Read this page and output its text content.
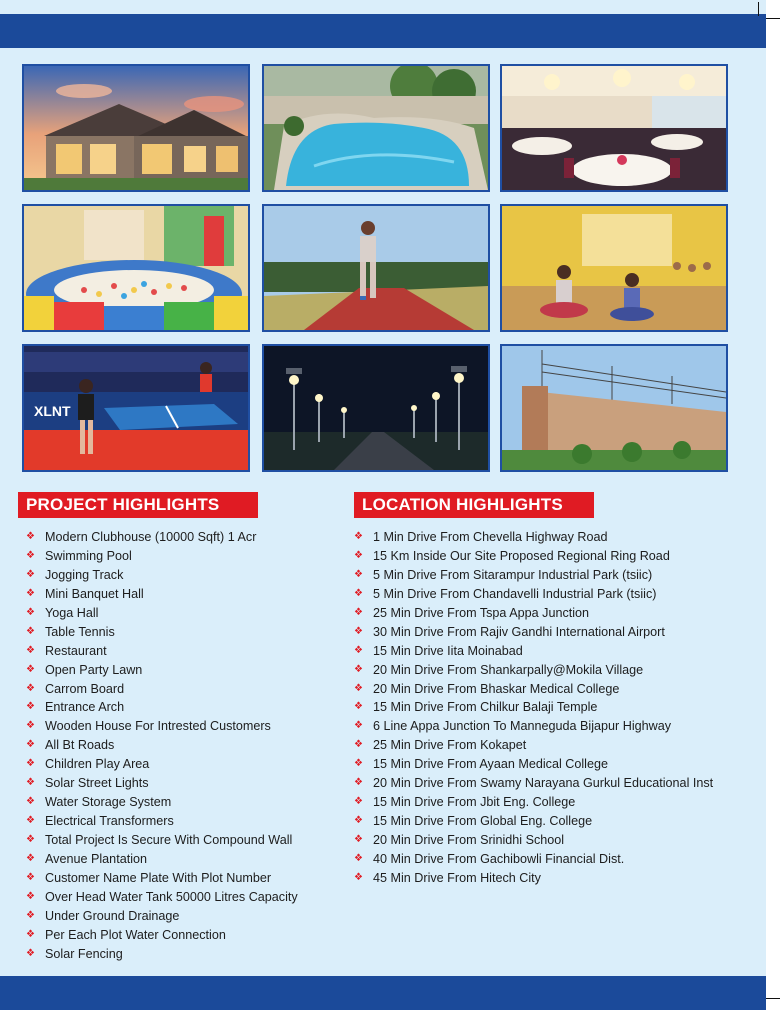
XLNT
PROJECT HIGHLIGHTS	LOCATION HIGHLIGHTS
❖ Modern Clubhouse (10000 Sqft) 1 Acr
❖ Swimming Pool
❖ Jogging Track
❖ Mini Banquet Hall
❖ Yoga Hall
❖ Table Tennis
❖ Restaurant
❖ Open Party Lawn
❖ Carrom Board
❖ Entrance Arch
❖ Wooden House For Intrested Customers
❖ All Bt Roads
❖ Children Play Area
❖ Solar Street Lights
❖ Water Storage System
❖ Electrical Transformers
❖ Total Project Is Secure With Compound Wall
❖ Avenue Plantation
❖ Customer Name Plate With Plot Number
❖ Over Head Water Tank 50000 Litres Capacity
❖ Under Ground Drainage
❖ Per Each Plot Water Connection
❖ Solar Fencing
❖ 1 Min Drive From Chevella Highway Road
❖ 15 Km Inside Our Site Proposed Regional Ring Road
❖ 5 Min Drive From Sitarampur Industrial Park (tsiic)
❖ 5 Min Drive From Chandavelli Industrial Park (tsiic)
❖ 25 Min Drive From Tspa Appa Junction
❖ 30 Min Drive From Rajiv Gandhi International Airport
❖ 15 Min Drive Iita Moinabad
❖ 20 Min Drive From Shankarpally@Mokila Village
❖ 20 Min Drive From Bhaskar Medical College
❖ 15 Min Drive From Chilkur Balaji Temple
❖ 6 Line Appa Junction To Manneguda Bijapur Highway
❖ 25 Min Drive From Kokapet
❖ 15 Min Drive From Ayaan Medical College
❖ 20 Min Drive From Swamy Narayana Gurkul Educational Inst
❖ 15 Min Drive From Jbit Eng. College
❖ 15 Min Drive From Global Eng. College
❖ 20 Min Drive From Srinidhi School
❖ 40 Min Drive From Gachibowli Financial Dist.
❖ 45 Min Drive From Hitech City
